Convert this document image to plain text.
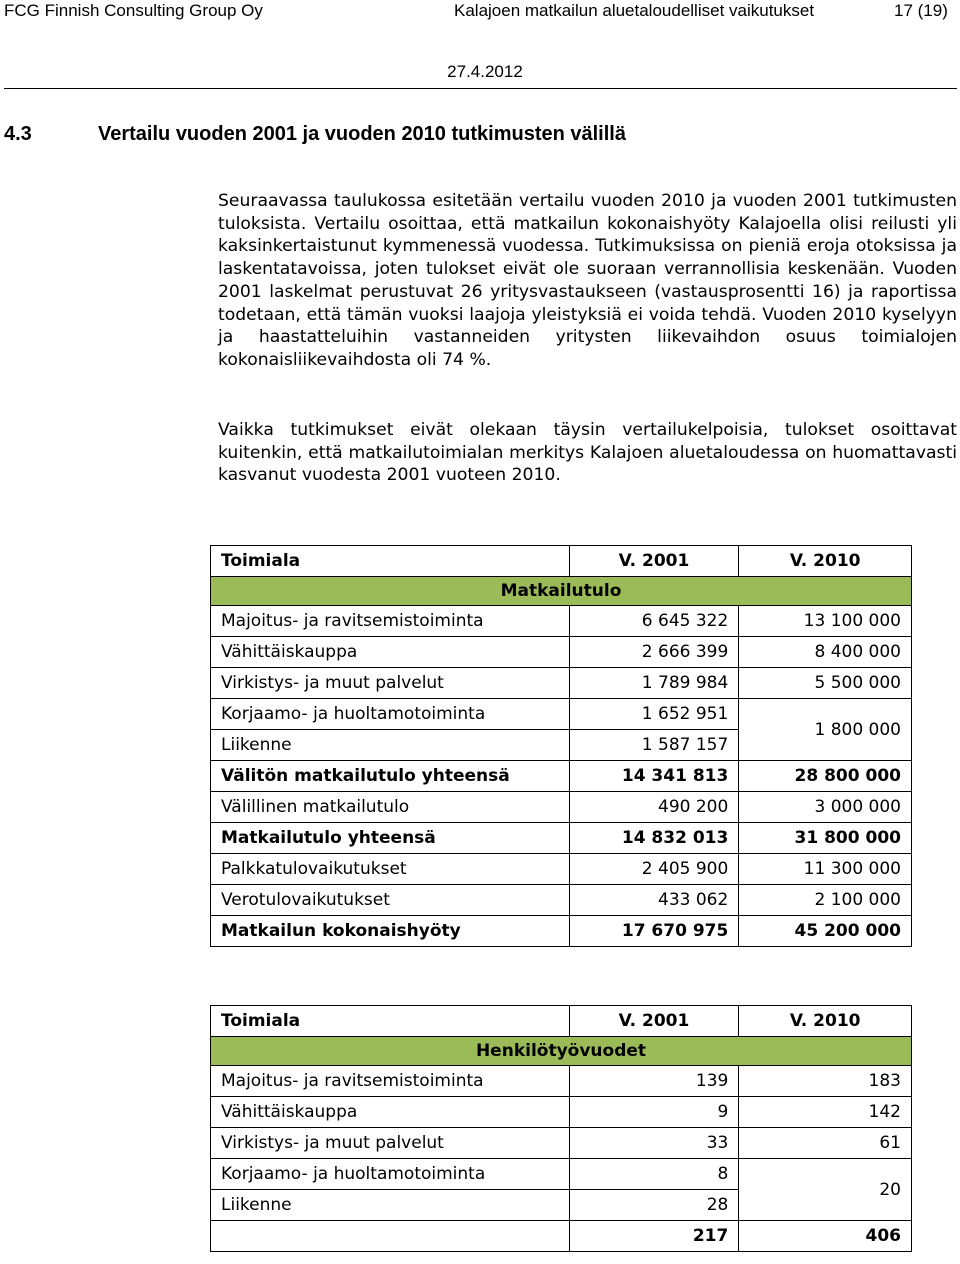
FCG Finnish Consulting Group Oy	Kalajoen matkailun aluetaloudelliset vaikutukset	17 (19)
27.4.2012
4.3	Vertailu vuoden 2001 ja vuoden 2010 tutkimusten välillä

Seuraavassa taulukossa esitetään vertailu vuoden 2010 ja vuoden 2001 tutkimusten tuloksista. Vertailu osoittaa, että matkailun kokonaishyöty Kalajoella olisi reilusti yli kaksinkertaistunut kymmenessä vuodessa. Tutkimuksissa on pieniä eroja otoksissa ja laskentatavoissa, joten tulokset eivät ole suoraan verrannollisia keskenään. Vuoden 2001 laskelmat perustuvat 26 yritysvastaukseen (vastausprosentti 16) ja raportissa todetaan, että tämän vuoksi laajoja yleistyksiä ei voida tehdä. Vuoden 2010 kyselyyn ja haastatteluihin vastanneiden yritysten liikevaihdon osuus toimialojen kokonaisliikevaihdosta oli 74 %.

Vaikka tutkimukset eivät olekaan täysin vertailukelpoisia, tulokset osoittavat kuitenkin, että matkailutoimialan merkitys Kalajoen aluetaloudessa on huomattavasti kasvanut vuodesta 2001 vuoteen 2010.

Toimiala	V. 2001	V. 2010
Matkailutulo		
Majoitus- ja ravitsemistoiminta	6 645 322	13 100 000
Vähittäiskauppa	2 666 399	8 400 000
Virkistys- ja muut palvelut	1 789 984	5 500 000
Korjaamo- ja huoltamotoiminta	1 652 951	1 800 000
Liikenne	1 587 157	
Välitön matkailutulo yhteensä	14 341 813	28 800 000
Välillinen matkailutulo	490 200	3 000 000
Matkailutulo yhteensä	14 832 013	31 800 000
Palkkatulovaikutukset	2 405 900	11 300 000
Verotulovaikutukset	433 062	2 100 000
Matkailun kokonaishyöty	17 670 975	45 200 000
Toimiala	V. 2001	V. 2010
Henkilötyövuodet		
Majoitus- ja ravitsemistoiminta	139	183
Vähittäiskauppa	9	142
Virkistys- ja muut palvelut	33	61
Korjaamo- ja huoltamotoiminta	8	20
Liikenne	28	
	217	406
